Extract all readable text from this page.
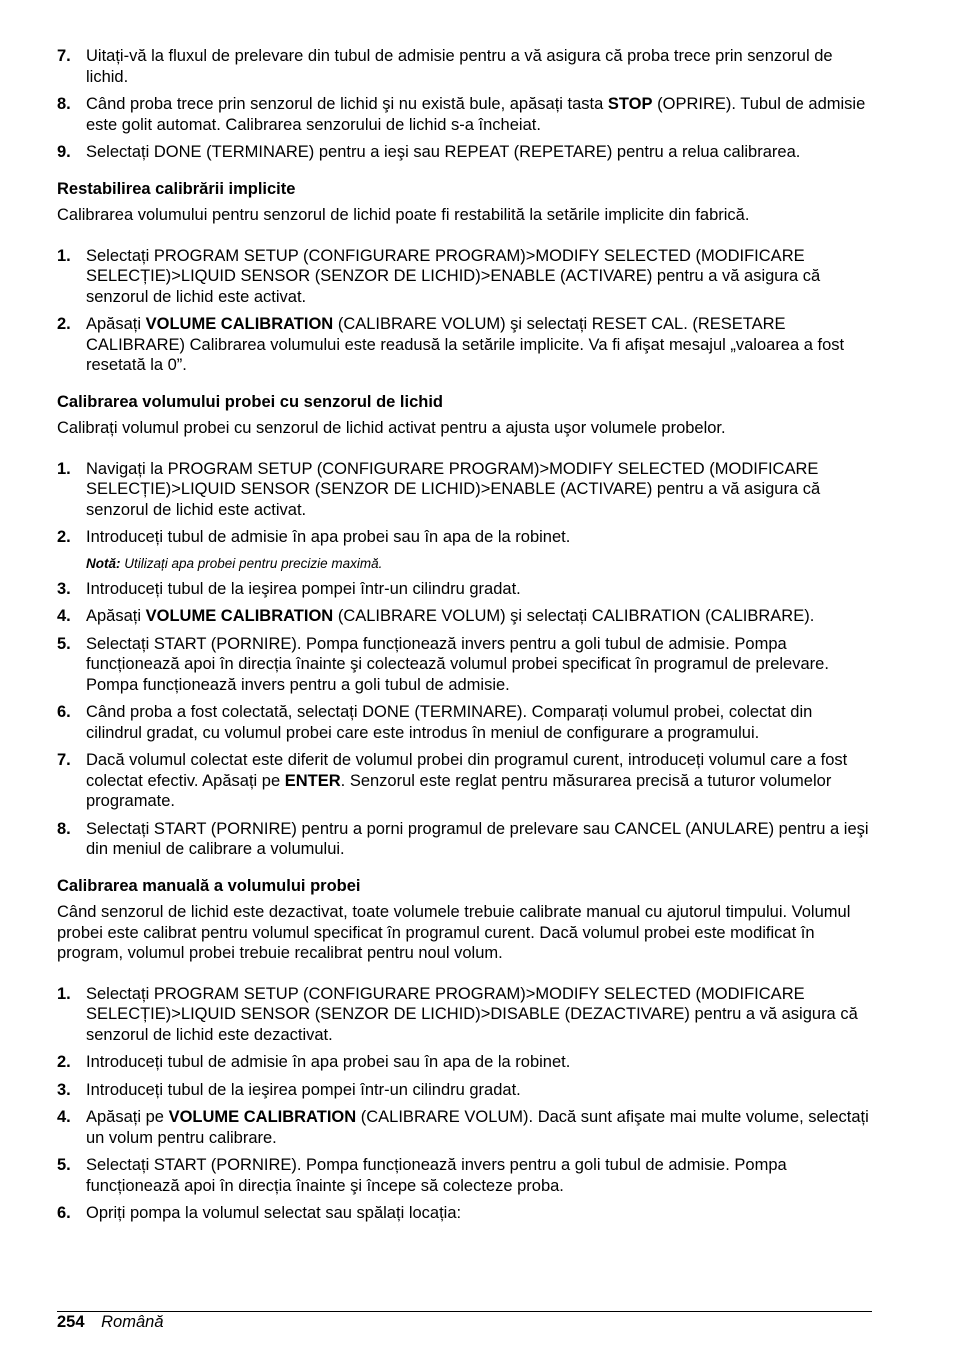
7. Uitați-vă la fluxul de prelevare din tubul de admisie pentru a vă asigura că proba trece prin senzorul de lichid.
8. Când proba trece prin senzorul de lichid şi nu există bule, apăsați tasta STOP (OPRIRE). Tubul de admisie este golit automat. Calibrarea senzorului de lichid s-a încheiat.
9. Selectați DONE (TERMINARE) pentru a ieşi sau REPEAT (REPETARE) pentru a relua calibrarea.
Restabilirea calibrării implicite

Calibrarea volumului pentru senzorul de lichid poate fi restabilită la setările implicite din fabrică.

1. Selectați PROGRAM SETUP (CONFIGURARE PROGRAM)>MODIFY SELECTED (MODIFICARE SELECȚIE)>LIQUID SENSOR (SENZOR DE LICHID)>ENABLE (ACTIVARE) pentru a vă asigura că senzorul de lichid este activat.
2. Apăsați VOLUME CALIBRATION (CALIBRARE VOLUM) şi selectați RESET CAL. (RESETARE CALIBRARE) Calibrarea volumului este readusă la setările implicite. Va fi afişat mesajul „valoarea a fost resetată la 0”.
Calibrarea volumului probei cu senzorul de lichid

Calibrați volumul probei cu senzorul de lichid activat pentru a ajusta uşor volumele probelor.

1. Navigați la PROGRAM SETUP (CONFIGURARE PROGRAM)>MODIFY SELECTED (MODIFICARE SELECȚIE)>LIQUID SENSOR (SENZOR DE LICHID)>ENABLE (ACTIVARE) pentru a vă asigura că senzorul de lichid este activat.
2. Introduceți tubul de admisie în apa probei sau în apa de la robinet.
Notă: Utilizați apa probei pentru precizie maximă.
3. Introduceți tubul de la ieşirea pompei într-un cilindru gradat.
4. Apăsați VOLUME CALIBRATION (CALIBRARE VOLUM) şi selectați CALIBRATION (CALIBRARE).
5. Selectați START (PORNIRE). Pompa funcționează invers pentru a goli tubul de admisie. Pompa funcționează apoi în direcția înainte şi colectează volumul probei specificat în programul de prelevare. Pompa funcționează invers pentru a goli tubul de admisie.
6. Când proba a fost colectată, selectați DONE (TERMINARE). Comparați volumul probei, colectat din cilindrul gradat, cu volumul probei care este introdus în meniul de configurare a programului.
7. Dacă volumul colectat este diferit de volumul probei din programul curent, introduceți volumul care a fost colectat efectiv. Apăsați pe ENTER. Senzorul este reglat pentru măsurarea precisă a tuturor volumelor programate.
8. Selectați START (PORNIRE) pentru a porni programul de prelevare sau CANCEL (ANULARE) pentru a ieşi din meniul de calibrare a volumului.
Calibrarea manuală a volumului probei

Când senzorul de lichid este dezactivat, toate volumele trebuie calibrate manual cu ajutorul timpului. Volumul probei este calibrat pentru volumul specificat în programul curent. Dacă volumul probei este modificat în program, volumul probei trebuie recalibrat pentru noul volum.

1. Selectați PROGRAM SETUP (CONFIGURARE PROGRAM)>MODIFY SELECTED (MODIFICARE SELECȚIE)>LIQUID SENSOR (SENZOR DE LICHID)>DISABLE (DEZACTIVARE) pentru a vă asigura că senzorul de lichid este dezactivat.
2. Introduceți tubul de admisie în apa probei sau în apa de la robinet.
3. Introduceți tubul de la ieşirea pompei într-un cilindru gradat.
4. Apăsați pe VOLUME CALIBRATION (CALIBRARE VOLUM). Dacă sunt afişate mai multe volume, selectați un volum pentru calibrare.
5. Selectați START (PORNIRE). Pompa funcționează invers pentru a goli tubul de admisie. Pompa funcționează apoi în direcția înainte şi începe să colecteze proba.
6. Opriți pompa la volumul selectat sau spălați locația:
254 Română
